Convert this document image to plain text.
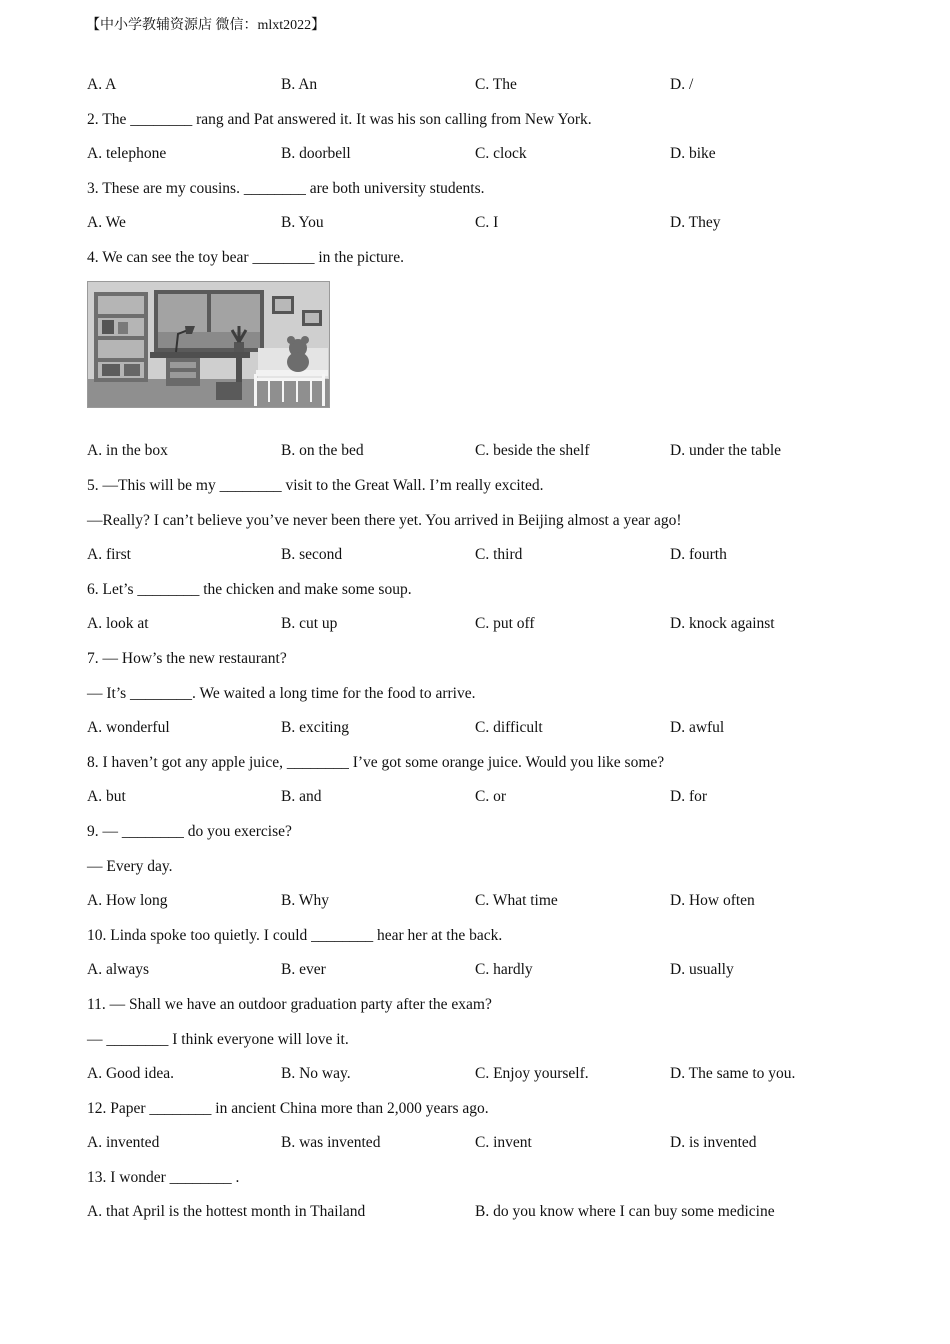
【中小学教辅资源店 微信：mlxt2022】
A. A	B. An	C. The	D. /
2. The ________ rang and Pat answered it. It was his son calling from New York.
A. telephone	B. doorbell	C. clock	D. bike
3. These are my cousins. ________ are both university students.
A. We	B. You	C. I	D. They
4. We can see the toy bear ________ in the picture.
A. in the box	B. on the bed	C. beside the shelf	D. under the table
5. —This will be my ________ visit to the Great Wall. I’m really excited.
—Really? I can’t believe you’ve never been there yet. You arrived in Beijing almost a year ago!
A. first	B. second	C. third	D. fourth
6. Let’s ________ the chicken and make some soup.
A. look at	B. cut up	C. put off	D. knock against
7. — How’s the new restaurant?
— It’s ________. We waited a long time for the food to arrive.
A. wonderful	B. exciting	C. difficult	D. awful
8. I haven’t got any apple juice, ________ I’ve got some orange juice. Would you like some?
A. but	B. and	C. or	D. for
9. — ________ do you exercise?
— Every day.
A. How long	B. Why	C. What time	D. How often
10. Linda spoke too quietly. I could ________ hear her at the back.
A. always	B. ever	C. hardly	D. usually
11. — Shall we have an outdoor graduation party after the exam?
— ________ I think everyone will love it.
A. Good idea.	B. No way.	C. Enjoy yourself.	D. The same to you.
12. Paper ________ in ancient China more than 2,000 years ago.
A. invented	B. was invented	C. invent	D. is invented
13. I wonder ________ .
A. that April is the hottest month in Thailand	B. do you know where I can buy some medicine
